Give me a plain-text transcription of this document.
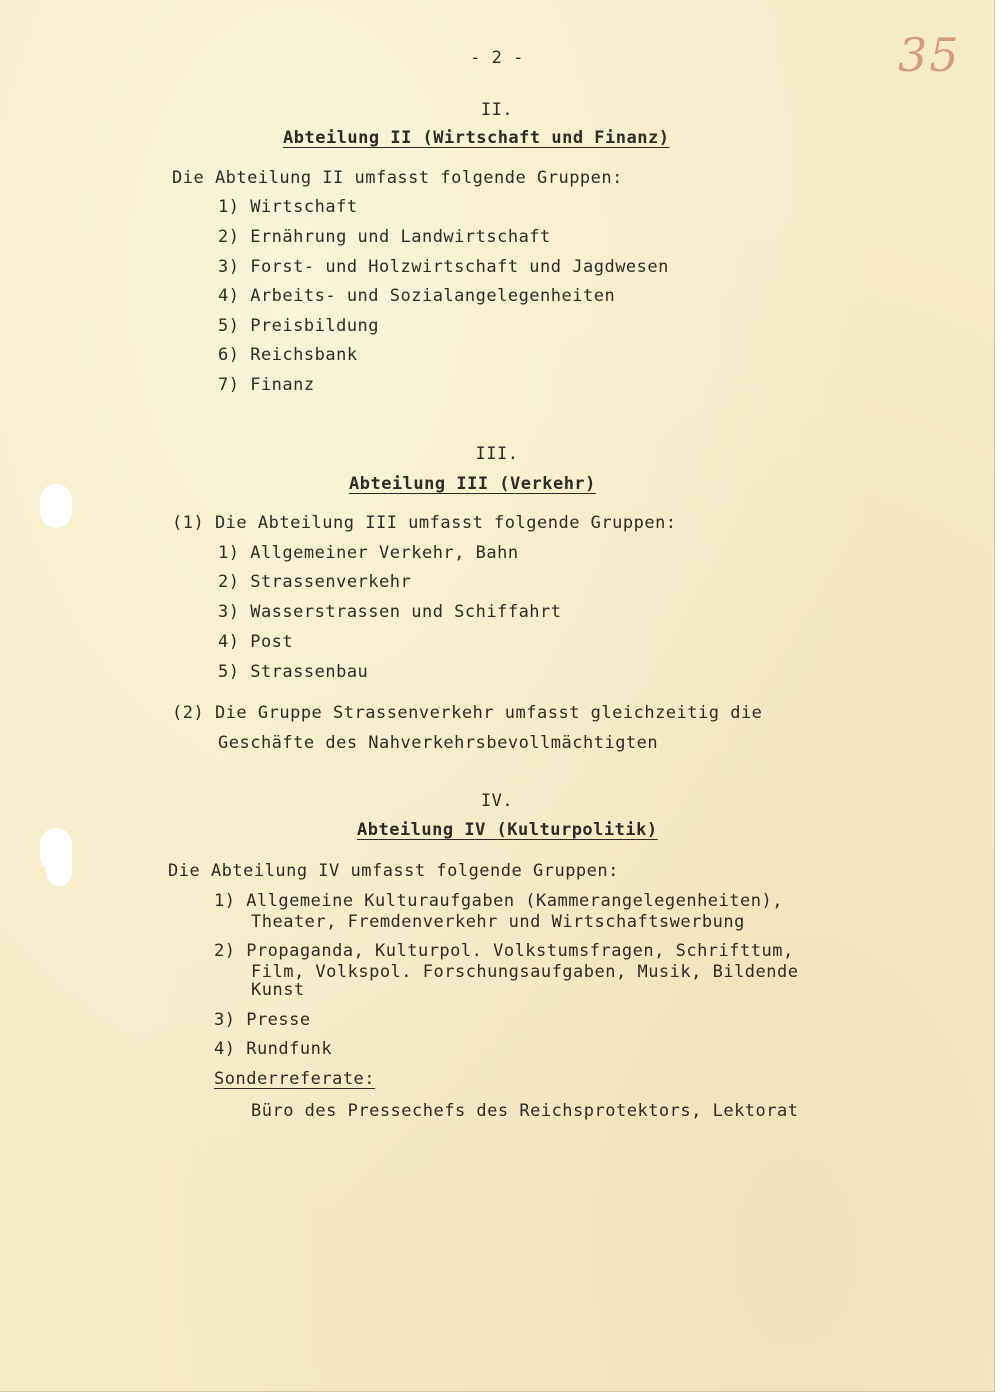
35
- 2 -
II.
Abteilung II (Wirtschaft und Finanz)
Die Abteilung II umfasst folgende Gruppen:
1) Wirtschaft
2) Ernährung und Landwirtschaft
3) Forst- und Holzwirtschaft und Jagdwesen
4) Arbeits- und Sozialangelegenheiten
5) Preisbildung
6) Reichsbank
7) Finanz
III.
Abteilung III (Verkehr)
(1) Die Abteilung III umfasst folgende Gruppen:
1) Allgemeiner Verkehr, Bahn
2) Strassenverkehr
3) Wasserstrassen und Schiffahrt
4) Post
5) Strassenbau
(2) Die Gruppe Strassenverkehr umfasst gleichzeitig die
Geschäfte des Nahverkehrsbevollmächtigten
IV.
Abteilung IV (Kulturpolitik)
Die Abteilung IV umfasst folgende Gruppen:
1) Allgemeine Kulturaufgaben (Kammerangelegenheiten),
Theater, Fremdenverkehr und Wirtschaftswerbung
2) Propaganda, Kulturpol. Volkstumsfragen, Schrifttum,
Film, Volkspol. Forschungsaufgaben, Musik, Bildende
Kunst
3) Presse
4) Rundfunk
Sonderreferate:
Büro des Pressechefs des Reichsprotektors, Lektorat
